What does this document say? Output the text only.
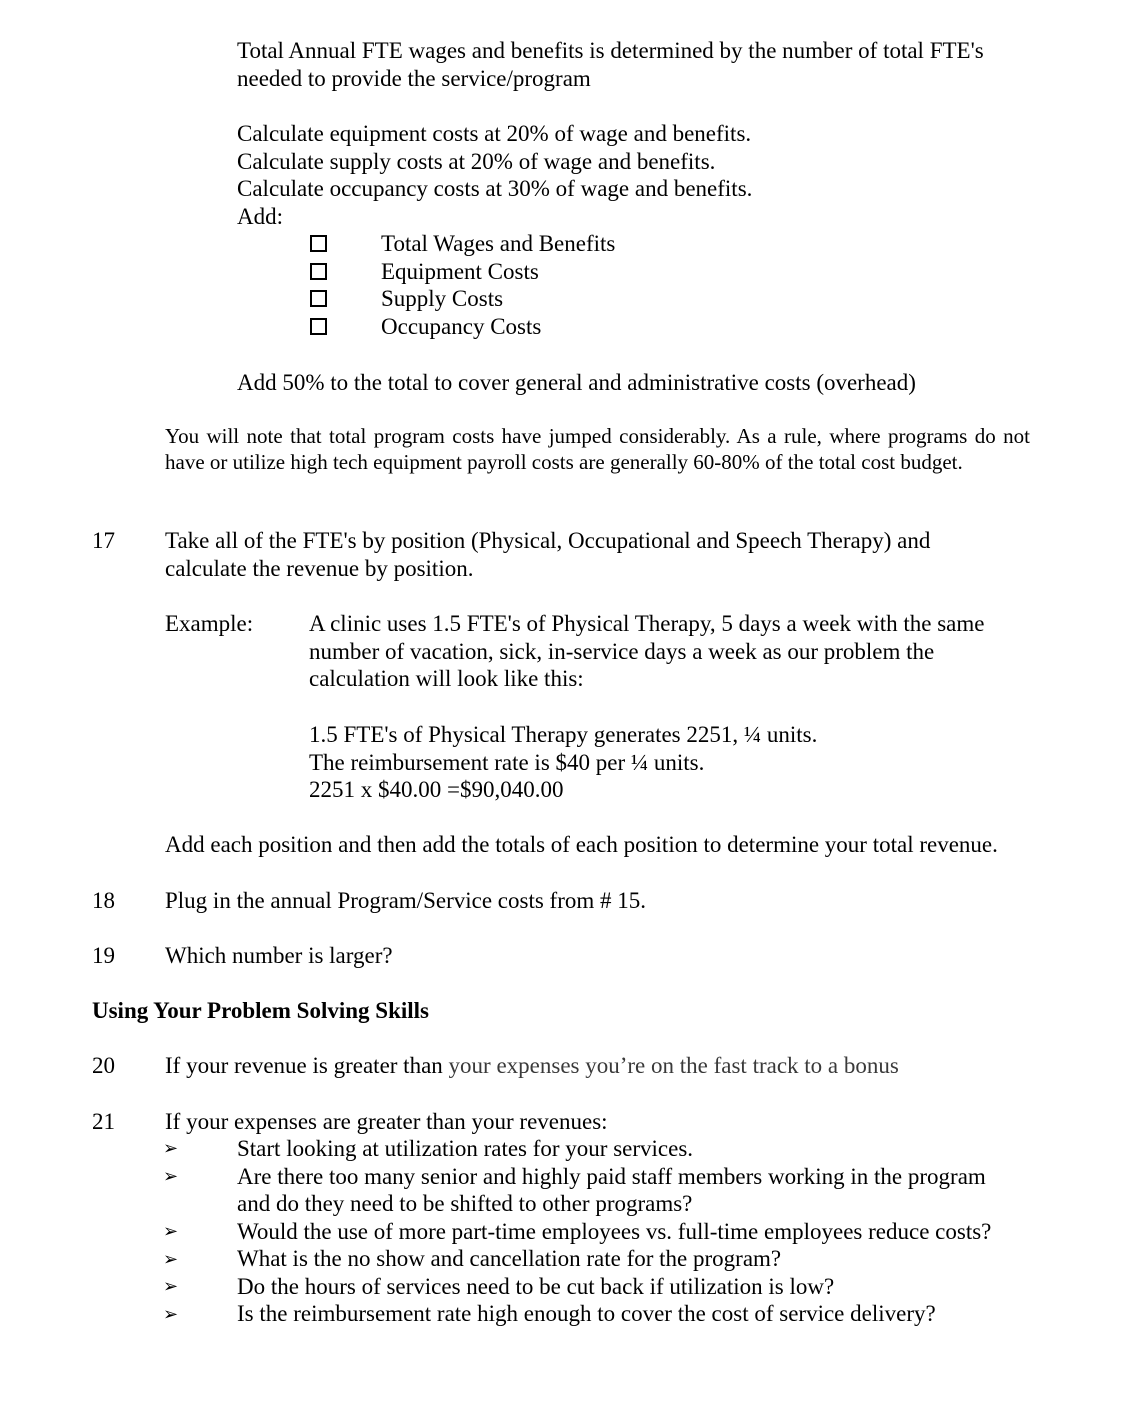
Total Annual FTE wages and benefits is determined by the number of total FTE's
needed to provide the service/program
Calculate equipment costs at 20% of wage and benefits.
Calculate supply costs at 20% of wage and benefits.
Calculate occupancy costs at 30% of wage and benefits.
Add:
Total Wages and Benefits
Equipment Costs
Supply Costs
Occupancy Costs
Add 50% to the total to cover general and administrative costs (overhead)
You will note that total program costs have jumped considerably. As a rule, where programs do not have or utilize high tech equipment payroll costs are generally 60-80% of the total cost budget.
17 Take all of the FTE's by position (Physical, Occupational and Speech Therapy) and
calculate the revenue by position.
Example: A clinic uses 1.5 FTE's of Physical Therapy, 5 days a week with the same
number of vacation, sick, in-service days a week as our problem the
calculation will look like this:
1.5 FTE's of Physical Therapy generates 2251, ¼ units.
The reimbursement rate is $40 per ¼ units.
2251 x $40.00 =$90,040.00
Add each position and then add the totals of each position to determine your total revenue.
18 Plug in the annual Program/Service costs from # 15.
19 Which number is larger?
Using Your Problem Solving Skills
20 If your revenue is greater than your expenses you’re on the fast track to a bonus
21 If your expenses are greater than your revenues:
➢
➢
➢
➢
➢
➢
Start looking at utilization rates for your services.
Are there too many senior and highly paid staff members working in the program
and do they need to be shifted to other programs?
Would the use of more part-time employees vs. full-time employees reduce costs?
What is the no show and cancellation rate for the program?
Do the hours of services need to be cut back if utilization is low?
Is the reimbursement rate high enough to cover the cost of service delivery?
